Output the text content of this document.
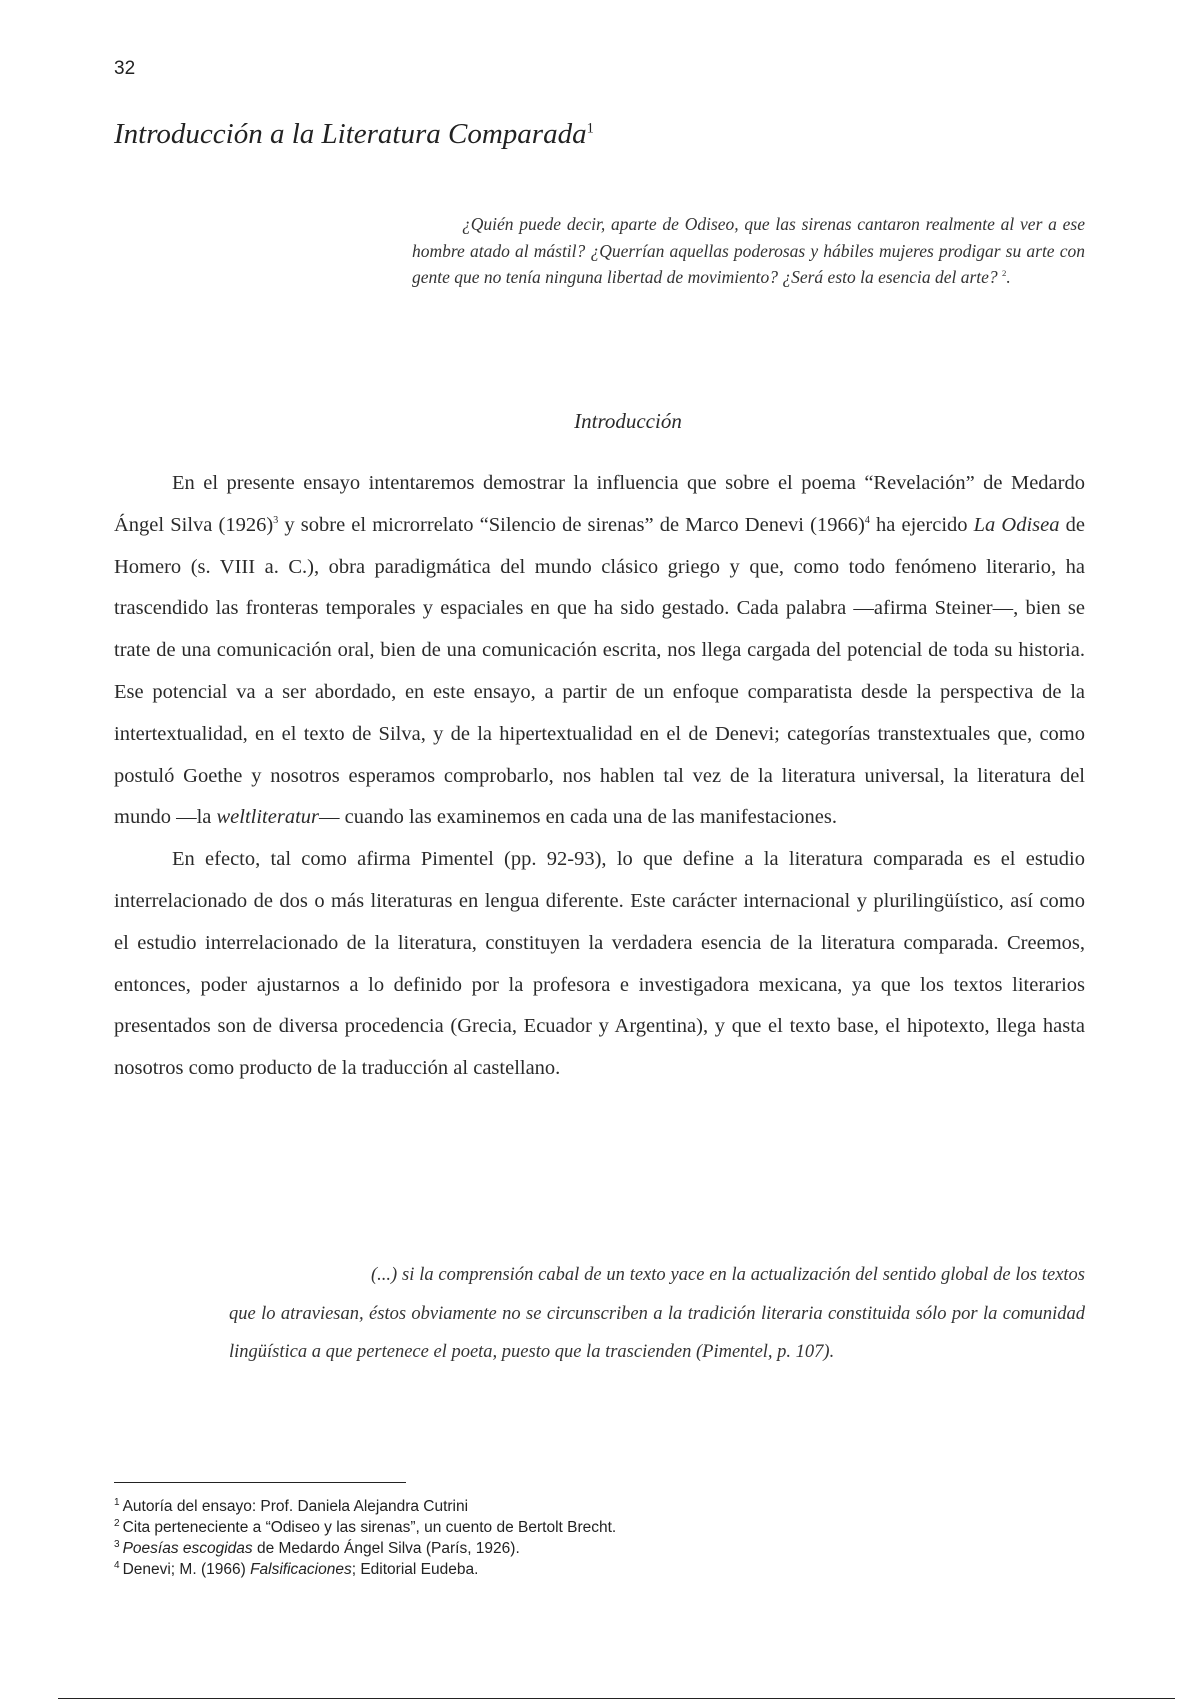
32
Introducción a la Literatura Comparada$^1$

¿Quién puede decir, aparte de Odiseo, que las sirenas cantaron realmente al ver a ese hombre atado al mástil? ¿Querrían aquellas poderosas y hábiles mujeres prodigar su arte con gente que no tenía ninguna libertad de movimiento? ¿Será esto la esencia del arte? $^2$.

Introducción

En el presente ensayo intentaremos demostrar la influencia que sobre el poema “Revelación” de Medardo Ángel Silva $(1926)^3$ y sobre el microrrelato “Silencio de sirenas” de Marco Denevi $(1966)^4$ ha ejercido La Odisea de Homero (s. VIII a. C.), obra paradigmática del mundo clásico griego y que, como todo fenómeno literario, ha trascendido las fronteras temporales y espaciales en que ha sido gestado. Cada palabra —afirma Steiner—, bien se trate de una comunicación oral, bien de una comunicación escrita, nos llega cargada del potencial de toda su historia. Ese potencial va a ser abordado, en este ensayo, a partir de un enfoque comparatista desde la perspectiva de la intertextualidad, en el texto de Silva, y de la hipertextualidad en el de Denevi; categorías transtextuales que, como postuló Goethe y nosotros esperamos comprobarlo, nos hablen tal vez de la literatura universal, la literatura del mundo —la weltliteratur— cuando las examinemos en cada una de las manifestaciones.

En efecto, tal como afirma Pimentel (pp. 92-93), lo que define a la literatura comparada es el estudio interrelacionado de dos o más literaturas en lengua diferente. Este carácter internacional y plurilingüístico, así como el estudio interrelacionado de la literatura, constituyen la verdadera esencia de la literatura comparada. Creemos, entonces, poder ajustarnos a lo definido por la profesora e investigadora mexicana, ya que los textos literarios presentados son de diversa procedencia (Grecia, Ecuador y Argentina), y que el texto base, el hipotexto, llega hasta nosotros como producto de la traducción al castellano.

(...) si la comprensión cabal de un texto yace en la actualización del sentido global de los textos que lo atraviesan, éstos obviamente no se circunscriben a la tradición literaria constituida sólo por la comunidad lingüística a que pertenece el poeta, puesto que la trascienden (Pimentel, p. 107).

$^1$ Autoría del ensayo: Prof. Daniela Alejandra Cutrini
$^2$ Cita perteneciente a “Odiseo y las sirenas”, un cuento de Bertolt Brecht.
$^3$ Poesías escogidas de Medardo Ángel Silva (París, 1926).
$^4$ Denevi; M. (1966) Falsificaciones; Editorial Eudeba.
